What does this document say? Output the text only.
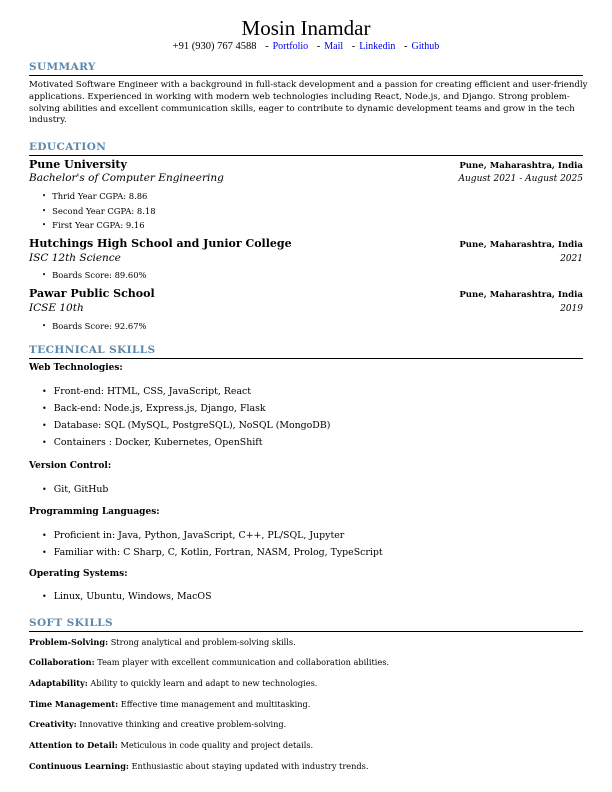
Mosin Inamdar
+91 (930) 767 4588 - Portfolio - Mail - Linkedin - Github
SUMMARY
Motivated Software Engineer with a background in full-stack development and a passion for creating efficient and user-friendly applications. Experienced in working with modern web technologies including React, Node.js, and Django. Strong problem-solving abilities and excellent communication skills, eager to contribute to dynamic development teams and grow in the tech industry.
EDUCATION
Pune University	Pune, Maharashtra, India
Bachelor's of Computer Engineering	August 2021 - August 2025
• Thrid Year CGPA: 8.86
• Second Year CGPA: 8.18
• First Year CGPA: 9.16
Hutchings High School and Junior College	Pune, Maharashtra, India
ISC 12th Science	2021
• Boards Score: 89.60%
Pawar Public School	Pune, Maharashtra, India
ICSE 10th	2019
• Boards Score: 92.67%
TECHNICAL SKILLS
Web Technologies:
• Front-end: HTML, CSS, JavaScript, React
• Back-end: Node.js, Express.js, Django, Flask
• Database: SQL (MySQL, PostgreSQL), NoSQL (MongoDB)
• Containers : Docker, Kubernetes, OpenShift
Version Control:
• Git, GitHub
Programming Languages:
• Proficient in: Java, Python, JavaScript, C++, PL/SQL, Jupyter
• Familiar with: C Sharp, C, Kotlin, Fortran, NASM, Prolog, TypeScript
Operating Systems:
• Linux, Ubuntu, Windows, MacOS
SOFT SKILLS
Problem-Solving: Strong analytical and problem-solving skills.
Collaboration: Team player with excellent communication and collaboration abilities.
Adaptability: Ability to quickly learn and adapt to new technologies.
Time Management: Effective time management and multitasking.
Creativity: Innovative thinking and creative problem-solving.
Attention to Detail: Meticulous in code quality and project details.
Continuous Learning: Enthusiastic about staying updated with industry trends.
